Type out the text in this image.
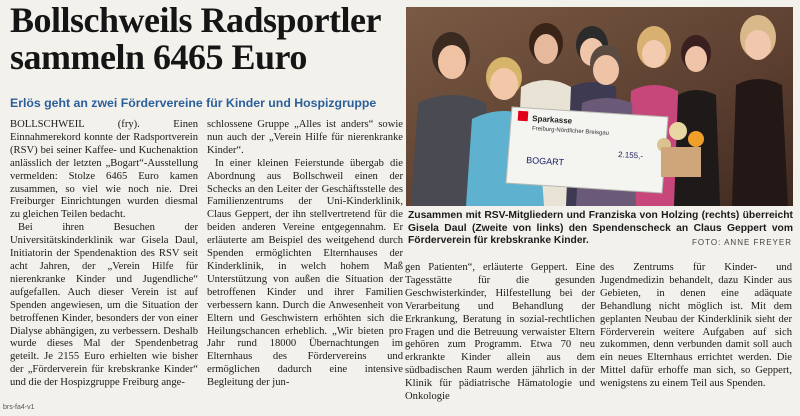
Bollschweils Radsportler
sammeln 6465 Euro
Erlös geht an zwei Fördervereine für Kinder und Hospizgruppe

BOLLSCHWEIL (fry).	Einen Einnahmerekord konnte der Radsportverein (RSV) bei seiner Kaffee- und Kuchenaktion anlässlich der letzten „Bogart“-Ausstellung vermelden: Stolze 6465 Euro kamen zusammen, so viel wie noch nie. Drei Freiburger Einrichtungen wurden diesmal zu gleichen Teilen bedacht.

Bei ihren Besuchen der Universitätskinderklinik war Gisela Daul, Initiatorin der Spendenaktion des RSV seit acht Jahren, der „Verein Hilfe für nierenkranke Kinder und Jugendliche“ aufgefallen. Auch dieser Verein ist auf Spenden angewiesen, um die Situation der betroffenen Kinder, besonders der von einer Dialyse abhängigen, zu verbessern. Deshalb wurde dieses Mal der Spendenbetrag geteilt. Je 2155 Euro erhielten wie bisher der „Förderverein für krebskranke Kinder“ und die der Hospizgruppe Freiburg ange-

schlossene Gruppe „Alles ist anders“ sowie nun auch der „Verein Hilfe für nierenkranke Kinder“.

In einer kleinen Feierstunde übergab die Abordnung aus Bollschweil einen der Schecks an den Leiter der Geschäftsstelle des Familienzentrums der Uni-Kinderklinik, Claus Geppert, der ihn stellvertretend für die beiden anderen Vereine entgegennahm. Er erläuterte am Beispiel des weitgehend durch Spenden ermöglichten Elternhauses der Kinderklinik, in welch hohem Maß Unterstützung von außen die Situation der betroffenen Kinder und ihrer Familien verbessern kann. Durch die Anwesenheit von Eltern und Geschwistern erhöhten sich die Heilungschancen erheblich. „Wir bieten pro Jahr rund 18000 Übernachtungen im Elternhaus des Fördervereins und ermöglichen dadurch eine intensive Begleitung der jun-

Sparkasse
Freiburg-Nördlicher Breisgau
BOGART	2.155,-
Zusammen mit RSV-Mitgliedern und Franziska von Holzing (rechts) überreicht Gisela Daul (Zweite von links) den Spendenscheck an Claus Geppert vom Förderverein für krebskranke Kinder.	FOTO: ANNE FREYER

gen Patienten“, erläuterte Geppert. Eine Tagesstätte für die gesunden Geschwisterkinder, Hilfestellung bei der Verarbeitung und Behandlung der Erkrankung, Beratung in sozial-rechtlichen Fragen und die Betreuung verwaister Eltern gehören zum Programm. Etwa 70 neu erkrankte Kinder allein aus dem südbadischen Raum werden jährlich in der Klinik für pädiatrische Hämatologie und Onkologie

des Zentrums für Kinder- und Jugendmedizin behandelt, dazu Kinder aus Gebieten, in denen eine adäquate Behandlung nicht möglich ist. Mit dem geplanten Neubau der Kinderklinik sieht der Förderverein weitere Aufgaben auf sich zukommen, denn verbunden damit soll auch ein neues Elternhaus errichtet werden. Die Mittel dafür erhoffe man sich, so Geppert, wenigstens zu einem Teil aus Spenden.

brs-fa4-v1
